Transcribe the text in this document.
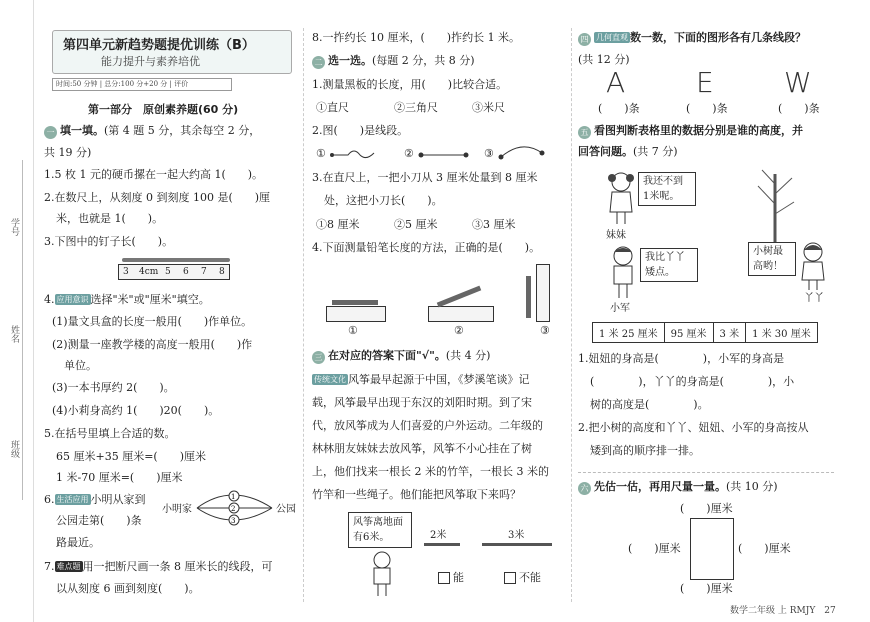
学号
姓名
班级
第四单元新趋势题提优训练（B）
能力提升与素养培优
时间:50 分钟 | 总分:100 分+20 分 | 评价
第一部分　原创素养题(60 分)
一 填一填。(第 4 题 5 分，其余每空 2 分，
共 19 分)
1.5 枚 1 元的硬币摞在一起大约高 1(　　)。
2.在数尺上，从刻度 0 到刻度 100 是(　　)厘
米，也就是 1(　　)。
3.下图中的钉子长(　　)。
3 4cm 5 6 7 8
4. 应用意识 选择"米"或"厘米"填空。
(1)量文具盒的长度一般用(　　)作单位。
(2)测量一座教学楼的高度一般用(　　)作
单位。
(3)一本书厚约 2(　　)。
(4)小莉身高约 1(　　)20(　　)。
5.在括号里填上合适的数。
65 厘米+35 厘米=(　　)厘米
1 米-70 厘米=(　　)厘米
6. 生活应用 小明从家到
公园走第(　　)条
路最近。
1
2
3
小明家	公园
7. 难点题 用一把断尺画一条 8 厘米长的线段，可
以从刻度 6 画到刻度(　　)。
8.一拃约长 10 厘米，(　　)拃约长 1 米。
二 选一选。(每题 2 分，共 8 分)
1.测量黑板的长度，用(　　)比较合适。
①直尺	②三角尺	③米尺
2.图(　　)是线段。
①	②	③
3.在直尺上，一把小刀从 3 厘米处量到 8 厘米
处，这把小刀长(　　)。
①8 厘米	②5 厘米	③3 厘米
4.下面测量铅笔长度的方法，正确的是(　　)。
①	②	③
三 在对应的答案下面"√"。(共 4 分)
传统文化 风筝最早起源于中国，《梦溪笔谈》记
载，风筝最早出现于东汉的刘阳时期。到了宋
代，放风筝成为人们喜爱的户外运动。二年级的
林林朋友妹妹去放风筝，风筝不小心挂在了树
上，他们找来一根长 2 米的竹竿，一根长 3 米的
竹竿和一些绳子。他们能把风筝取下来吗？
风筝离地面
有6米。	2米	3米
能	不能
四 几何直观 数一数，下面的图形各有几条线段？
(共 12 分)
A	E	W
(　　)条	(　　)条	(　　)条
五 看图判断表格里的数据分别是谁的高度，并
回答问题。(共 7 分)
我还不到
1米呢。
妹妹
我比丫丫
矮点。
小军
小树最
高哟！
丫丫
1 米 25 厘米	95 厘米	3 米	1 米 30 厘米
1.妞妞的身高是(　　　　)，小军的身高是
(　　　　)，丫丫的身高是(　　　　)，小
树的高度是(　　　　)。
2.把小树的高度和丫丫、妞妞、小军的身高按从
矮到高的顺序排一排。
六 先估一估，再用尺量一量。(共 10 分)
(　　)厘米
(　　)厘米	(　　)厘米
(　　)厘米
数学二年级 上 RMJY　27
